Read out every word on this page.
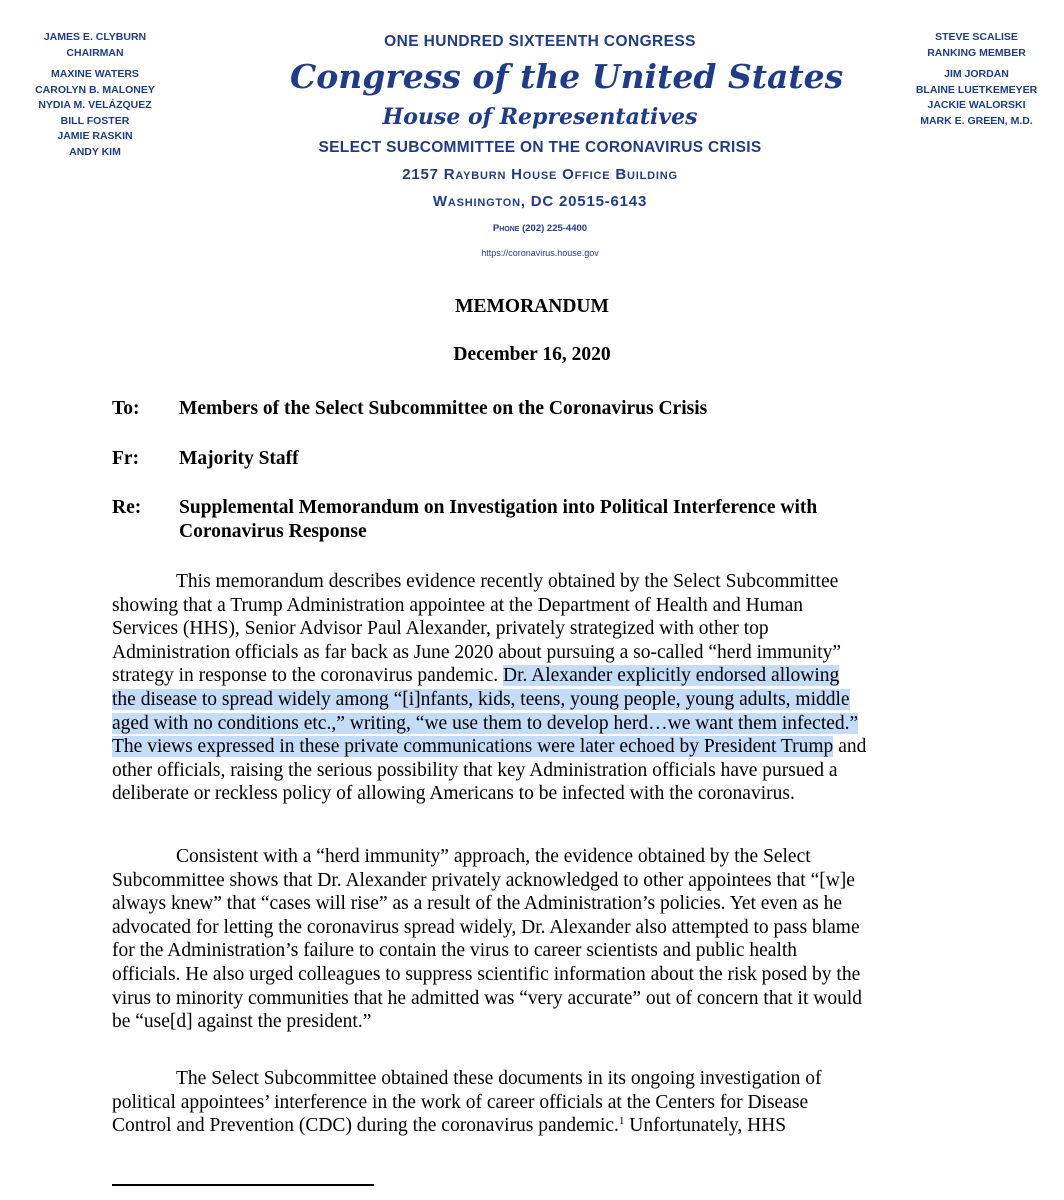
JAMES E. CLYBURN
CHAIRMAN
MAXINE WATERS
CAROLYN B. MALONEY
NYDIA M. VELÁZQUEZ
BILL FOSTER
JAMIE RASKIN
ANDY KIM
ONE HUNDRED SIXTEENTH CONGRESS
Congress of the United States
House of Representatives
SELECT SUBCOMMITTEE ON THE CORONAVIRUS CRISIS
2157 Rayburn House Office Building
Washington, DC 20515-6143
Phone (202) 225-4400
https://coronavirus.house.gov
STEVE SCALISE
RANKING MEMBER
JIM JORDAN
BLAINE LUETKEMEYER
JACKIE WALORSKI
MARK E. GREEN, M.D.
MEMORANDUM
December 16, 2020
To: Members of the Select Subcommittee on the Coronavirus Crisis
Fr: Majority Staff
Re: Supplemental Memorandum on Investigation into Political Interference with
Coronavirus Response
This memorandum describes evidence recently obtained by the Select Subcommittee
showing that a Trump Administration appointee at the Department of Health and Human
Services (HHS), Senior Advisor Paul Alexander, privately strategized with other top
Administration officials as far back as June 2020 about pursuing a so-called “herd immunity”
strategy in response to the coronavirus pandemic. Dr. Alexander explicitly endorsed allowing
the disease to spread widely among “[i]nfants, kids, teens, young people, young adults, middle
aged with no conditions etc.,” writing, “we use them to develop herd…we want them infected.”
The views expressed in these private communications were later echoed by President Trump and
other officials, raising the serious possibility that key Administration officials have pursued a
deliberate or reckless policy of allowing Americans to be infected with the coronavirus.
Consistent with a “herd immunity” approach, the evidence obtained by the Select
Subcommittee shows that Dr. Alexander privately acknowledged to other appointees that “[w]e
always knew” that “cases will rise” as a result of the Administration’s policies. Yet even as he
advocated for letting the coronavirus spread widely, Dr. Alexander also attempted to pass blame
for the Administration’s failure to contain the virus to career scientists and public health
officials. He also urged colleagues to suppress scientific information about the risk posed by the
virus to minority communities that he admitted was “very accurate” out of concern that it would
be “use[d] against the president.”
The Select Subcommittee obtained these documents in its ongoing investigation of
political appointees’ interference in the work of career officials at the Centers for Disease
Control and Prevention (CDC) during the coronavirus pandemic.$^1$ Unfortunately, HHS
